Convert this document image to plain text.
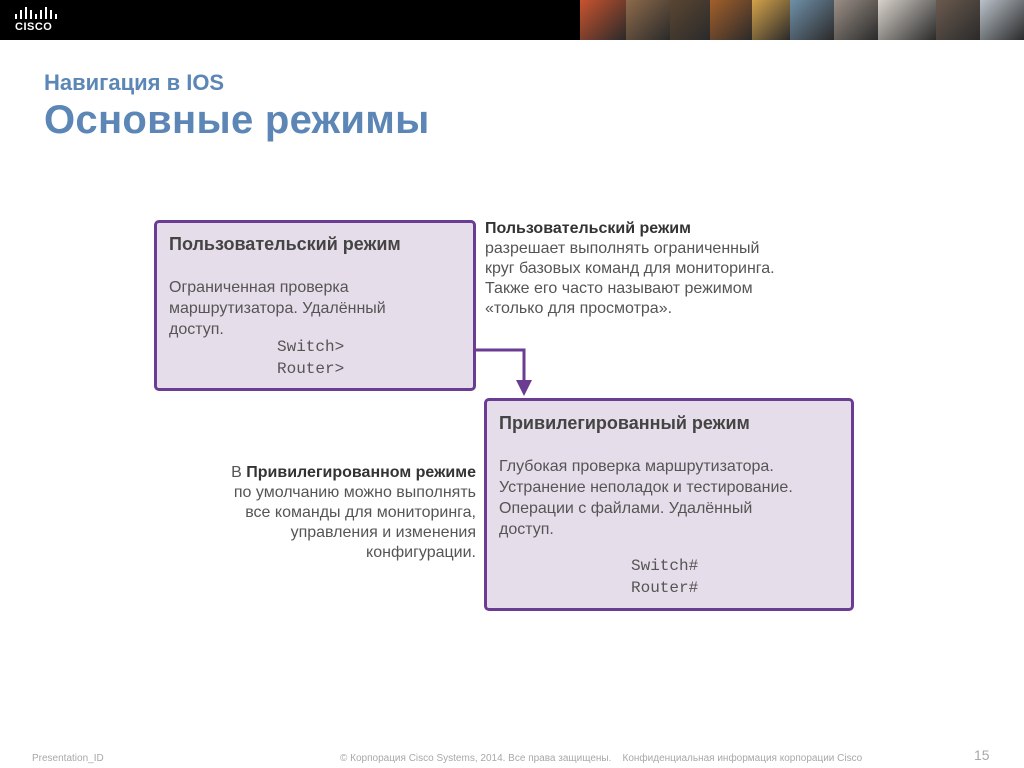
CISCO
Навигация в IOS
Основные режимы
Пользовательский режим
Ограниченная проверка
маршрутизатора. Удалённый
доступ.
Switch>
Router>
Привилегированный режим
Глубокая проверка маршрутизатора.
Устранение неполадок и тестирование.
Операции с файлами. Удалённый
доступ.
Switch#
Router#
Пользовательский режим
разрешает выполнять ограниченный
круг базовых команд для мониторинга.
Также его часто называют режимом
«только для просмотра».
В Привилегированном режиме
по умолчанию можно выполнять
все команды для мониторинга,
управления и изменения
конфигурации.
Presentation_ID	© Корпорация Cisco Systems, 2014. Все права защищены.    Конфиденциальная информация корпорации Cisco	15
